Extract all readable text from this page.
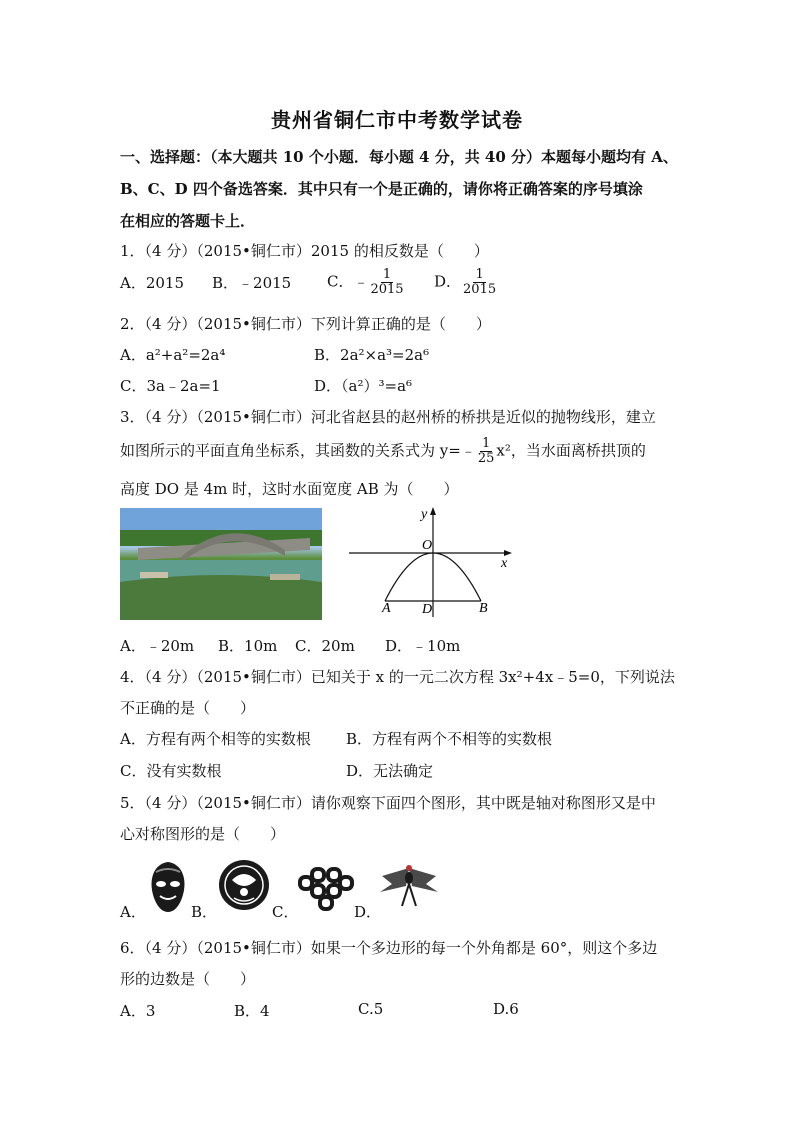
贵州省铜仁市中考数学试卷
一、选择题：（本大题共 10 个小题．每小题 4 分，共 40 分）本题每小题均有 A、
B、C、D 四个备选答案．其中只有一个是正确的，请你将正确答案的序号填涂
在相应的答题卡上．
1．（4 分）（2015•铜仁市）2015 的相反数是（　　）
A．2015 B．﹣2015 C．﹣ $\frac{1}{2015}$ D． $\frac{1}{2015}$
2．（4 分）（2015•铜仁市）下列计算正确的是（　　）
A．a²+a²=2a⁴	B．2a²×a³=2a⁶
C．3a﹣2a=1	D．（a²）³=a⁶
3．（4 分）（2015•铜仁市）河北省赵县的赵州桥的桥拱是近似的抛物线形，建立
如图所示的平面直角坐标系，其函数的关系式为 y=﹣ $\frac{1}{25} x^2$，当水面离桥拱顶的
高度 DO 是 4m 时，这时水面宽度 AB 为（　　）
y
x
O
A D	B
A．﹣20m B．10m C．20m D．﹣10m
4．（4 分）（2015•铜仁市）已知关于 x 的一元二次方程 3x²+4x﹣5=0，下列说法
不正确的是（　　）
A．方程有两个相等的实数根 B．方程有两个不相等的实数根
C．没有实数根	D．无法确定
5．（4 分）（2015•铜仁市）请你观察下面四个图形，其中既是轴对称图形又是中
心对称图形的是（　　）
A．	B．	C．	D．
6．（4 分）（2015•铜仁市）如果一个多边形的每一个外角都是 60°，则这个多边
形的边数是（　　）
A．3	B．4	C.5	D.6
